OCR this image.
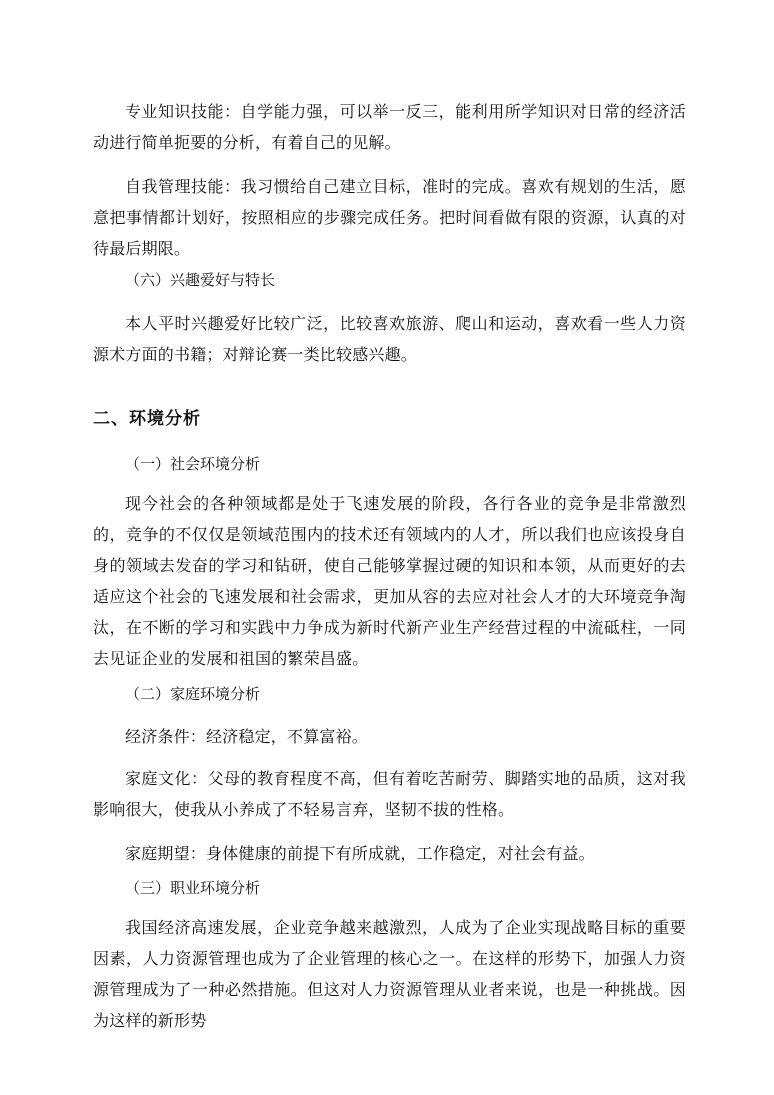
专业知识技能：自学能力强，可以举一反三，能利用所学知识对日常的经济活动进行简单扼要的分析，有着自己的见解。

自我管理技能：我习惯给自己建立目标，准时的完成。喜欢有规划的生活，愿意把事情都计划好，按照相应的步骤完成任务。把时间看做有限的资源，认真的对待最后期限。

（六）兴趣爱好与特长

本人平时兴趣爱好比较广泛，比较喜欢旅游、爬山和运动，喜欢看一些人力资源术方面的书籍；对辩论赛一类比较感兴趣。

二、环境分析

（一）社会环境分析

现今社会的各种领域都是处于飞速发展的阶段，各行各业的竞争是非常激烈的，竞争的不仅仅是领域范围内的技术还有领域内的人才，所以我们也应该投身自身的领域去发奋的学习和钻研，使自己能够掌握过硬的知识和本领，从而更好的去适应这个社会的飞速发展和社会需求，更加从容的去应对社会人才的大环境竞争淘汰，在不断的学习和实践中力争成为新时代新产业生产经营过程的中流砥柱，一同去见证企业的发展和祖国的繁荣昌盛。

（二）家庭环境分析

经济条件：经济稳定，不算富裕。

家庭文化：父母的教育程度不高，但有着吃苦耐劳、脚踏实地的品质，这对我影响很大，使我从小养成了不轻易言弃，坚韧不拔的性格。

家庭期望：身体健康的前提下有所成就，工作稳定，对社会有益。

（三）职业环境分析

我国经济高速发展，企业竞争越来越激烈，人成为了企业实现战略目标的重要因素，人力资源管理也成为了企业管理的核心之一。在这样的形势下，加强人力资源管理成为了一种必然措施。但这对人力资源管理从业者来说，也是一种挑战。因为这样的新形势
